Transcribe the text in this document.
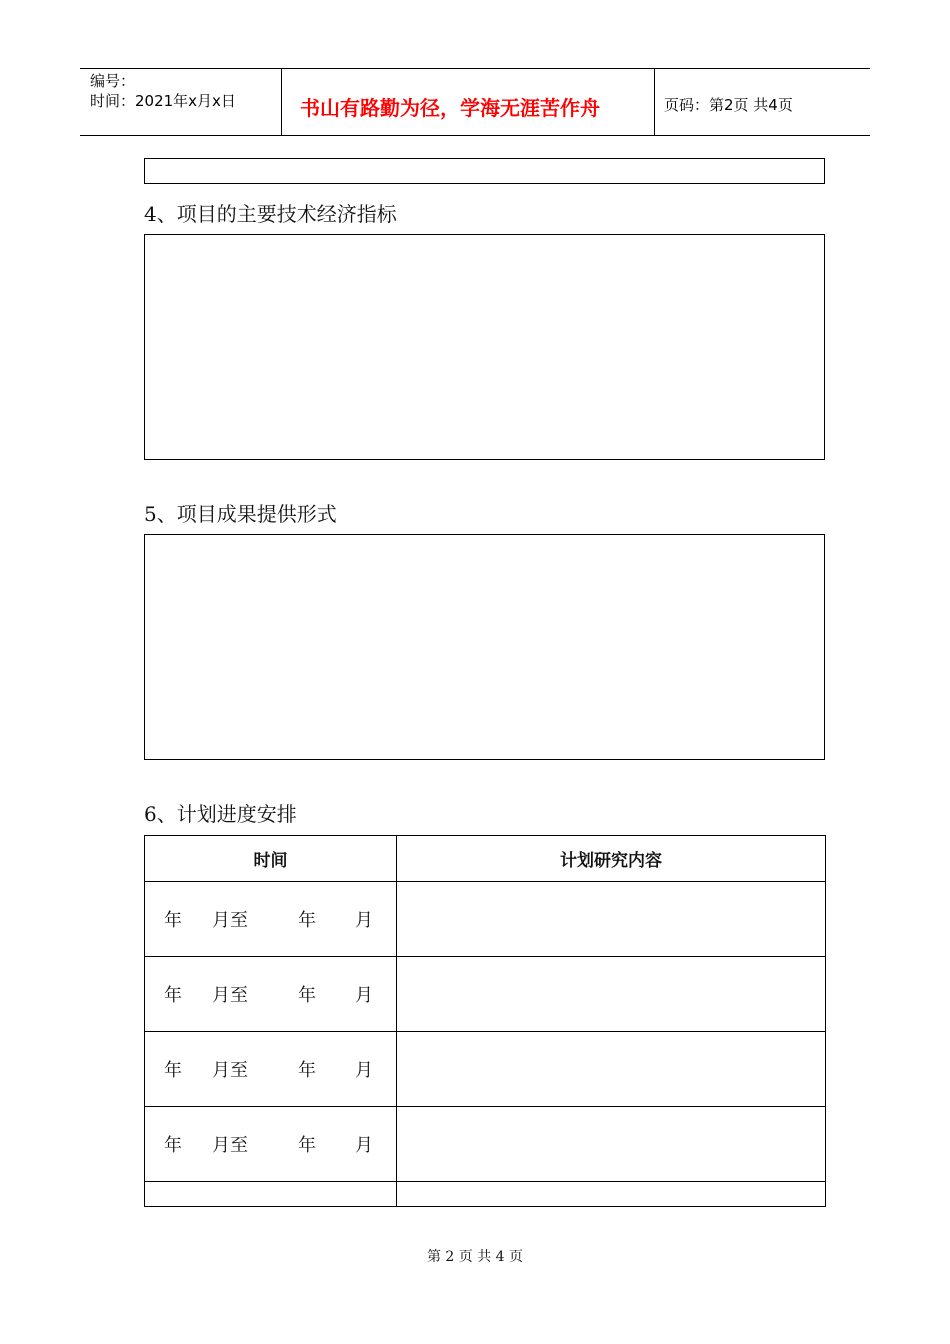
编号：
时间：2021年x月x日	书山有路勤为径，学海无涯苦作舟	页码：第2页 共4页
4、项目的主要技术经济指标
5、项目成果提供形式
6、计划进度安排
时间	计划研究内容

年 月至 年 月	

年 月至 年 月	

年 月至 年 月	

年 月至 年 月	

第 2 页 共 4 页
